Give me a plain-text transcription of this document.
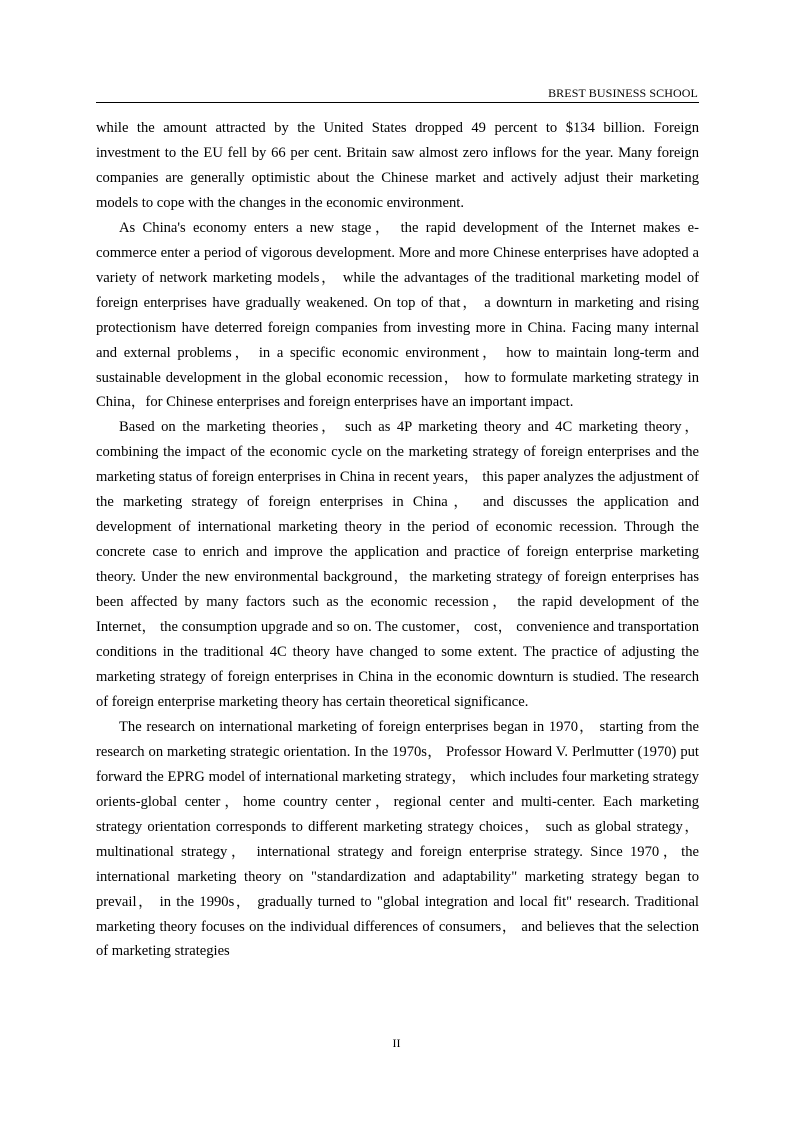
BREST BUSINESS SCHOOL

while the amount attracted by the United States dropped 49 percent to $134 billion. Foreign investment to the EU fell by 66 per cent. Britain saw almost zero inflows for the year. Many foreign companies are generally optimistic about the Chinese market and actively adjust their marketing models to cope with the changes in the economic environment.

As China's economy enters a new stage， the rapid development of the Internet makes e-commerce enter a period of vigorous development. More and more Chinese enterprises have adopted a variety of network marketing models， while the advantages of the traditional marketing model of foreign enterprises have gradually weakened. On top of that， a downturn in marketing and rising protectionism have deterred foreign companies from investing more in China. Facing many internal and external problems， in a specific economic environment， how to maintain long-term and sustainable development in the global economic recession， how to formulate marketing strategy in China，for Chinese enterprises and foreign enterprises have an important impact.

Based on the marketing theories， such as 4P marketing theory and 4C marketing theory， combining the impact of the economic cycle on the marketing strategy of foreign enterprises and the marketing status of foreign enterprises in China in recent years， this paper analyzes the adjustment of the marketing strategy of foreign enterprises in China， and discusses the application and development of international marketing theory in the period of economic recession. Through the concrete case to enrich and improve the application and practice of foreign enterprise marketing theory. Under the new environmental background，the marketing strategy of foreign enterprises has been affected by many factors such as the economic recession， the rapid development of the Internet， the consumption upgrade and so on. The customer， cost， convenience and transportation conditions in the traditional 4C theory have changed to some extent. The practice of adjusting the marketing strategy of foreign enterprises in China in the economic downturn is studied. The research of foreign enterprise marketing theory has certain theoretical significance.

The research on international marketing of foreign enterprises began in 1970， starting from the research on marketing strategic orientation. In the 1970s， Professor Howard V. Perlmutter (1970) put forward the EPRG model of international marketing strategy， which includes four marketing strategy orients-global center，home country center，regional center and multi-center. Each marketing strategy orientation corresponds to different marketing strategy choices， such as global strategy， multinational strategy， international strategy and foreign enterprise strategy. Since 1970，the international marketing theory on "standardization and adaptability" marketing strategy began to prevail， in the 1990s， gradually turned to "global integration and local fit" research. Traditional marketing theory focuses on the individual differences of consumers， and believes that the selection of marketing strategies

II
